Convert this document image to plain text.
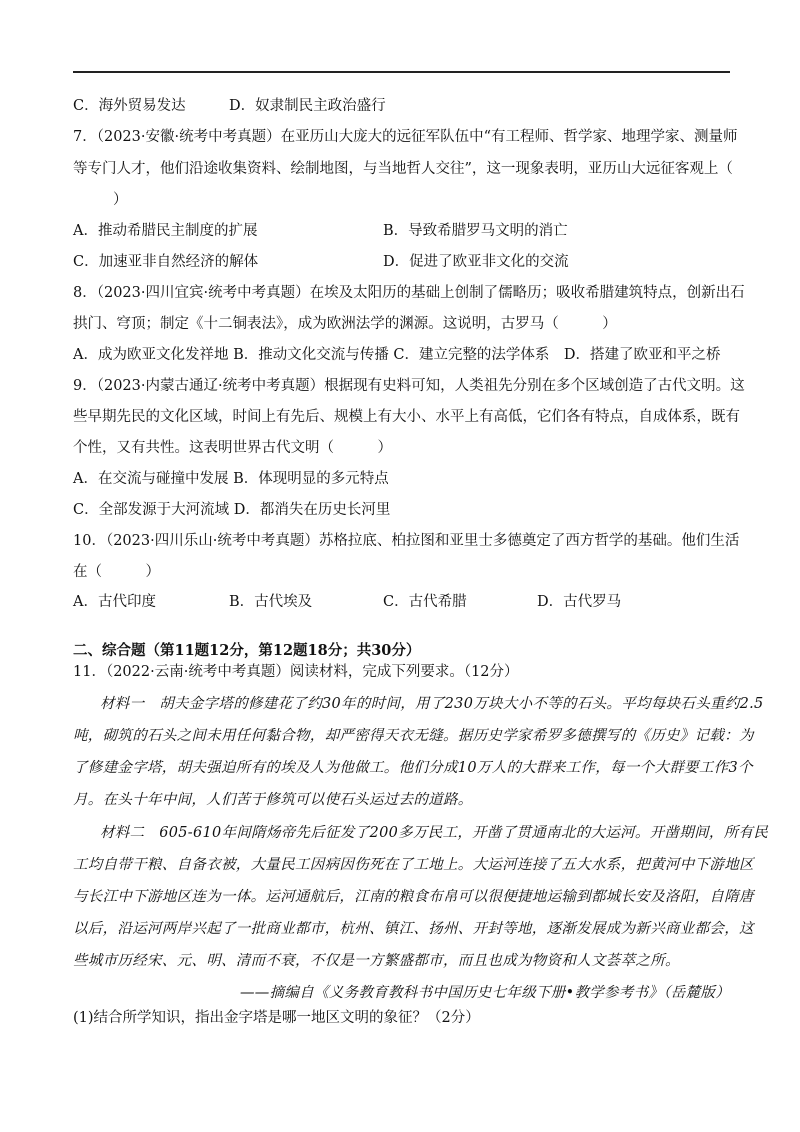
C．海外贸易发达	D．奴隶制民主政治盛行
7．（2023·安徽·统考中考真题）在亚历山大庞大的远征军队伍中“有工程师、哲学家、地理学家、测量师
等专门人才，他们沿途收集资料、绘制地图，与当地哲人交往”，这一现象表明，亚历山大远征客观上（
）
A．推动希腊民主制度的扩展	B．导致希腊罗马文明的消亡
C．加速亚非自然经济的解体	D．促进了欧亚非文化的交流
8．（2023·四川宜宾·统考中考真题）在埃及太阳历的基础上创制了儒略历；吸收希腊建筑特点，创新出石
拱门、穹顶；制定《十二铜表法》，成为欧洲法学的渊源。这说明，古罗马（　　　）
A．成为欧亚文化发祥地 B．推动文化交流与传播 C．建立完整的法学体系　D．搭建了欧亚和平之桥
9．（2023·内蒙古通辽·统考中考真题）根据现有史料可知，人类祖先分别在多个区域创造了古代文明。这
些早期先民的文化区域，时间上有先后、规模上有大小、水平上有高低，它们各有特点，自成体系，既有
个性，又有共性。这表明世界古代文明（　　　）
A．在交流与碰撞中发展 B．体现明显的多元特点
C．全部发源于大河流域 D．都消失在历史长河里
10．（2023·四川乐山·统考中考真题）苏格拉底、柏拉图和亚里士多德奠定了西方哲学的基础。他们生活
在（　　　）
A．古代印度	B．古代埃及	C．古代希腊	D．古代罗马
二、综合题（第11题12分，第12题18分；共30分）
11．（2022·云南·统考中考真题）阅读材料，完成下列要求。（12分）
材料一　胡夫金字塔的修建花了约30年的时间，用了230万块大小不等的石头。平均每块石头重约2.5
吨，砌筑的石头之间未用任何黏合物，却严密得天衣无缝。据历史学家希罗多德撰写的《历史》记载：为
了修建金字塔，胡夫强迫所有的埃及人为他做工。他们分成10万人的大群来工作，每一个大群要工作3个
月。在头十年中间，人们苦于修筑可以使石头运过去的道路。
材料二　605-610年间隋炀帝先后征发了200多万民工，开凿了贯通南北的大运河。开凿期间，所有民
工均自带干粮、自备衣被，大量民工因病因伤死在了工地上。大运河连接了五大水系，把黄河中下游地区
与长江中下游地区连为一体。运河通航后，江南的粮食布帛可以很便捷地运输到都城长安及洛阳，自隋唐
以后，沿运河两岸兴起了一批商业都市，杭州、镇江、扬州、开封等地，逐渐发展成为新兴商业都会，这
些城市历经宋、元、明、清而不衰，不仅是一方繁盛都市，而且也成为物资和人文荟萃之所。
——摘编自《义务教育教科书中国历史七年级下册•教学参考书》（岳麓版）
(1)结合所学知识，指出金字塔是哪一地区文明的象征？（2分）
